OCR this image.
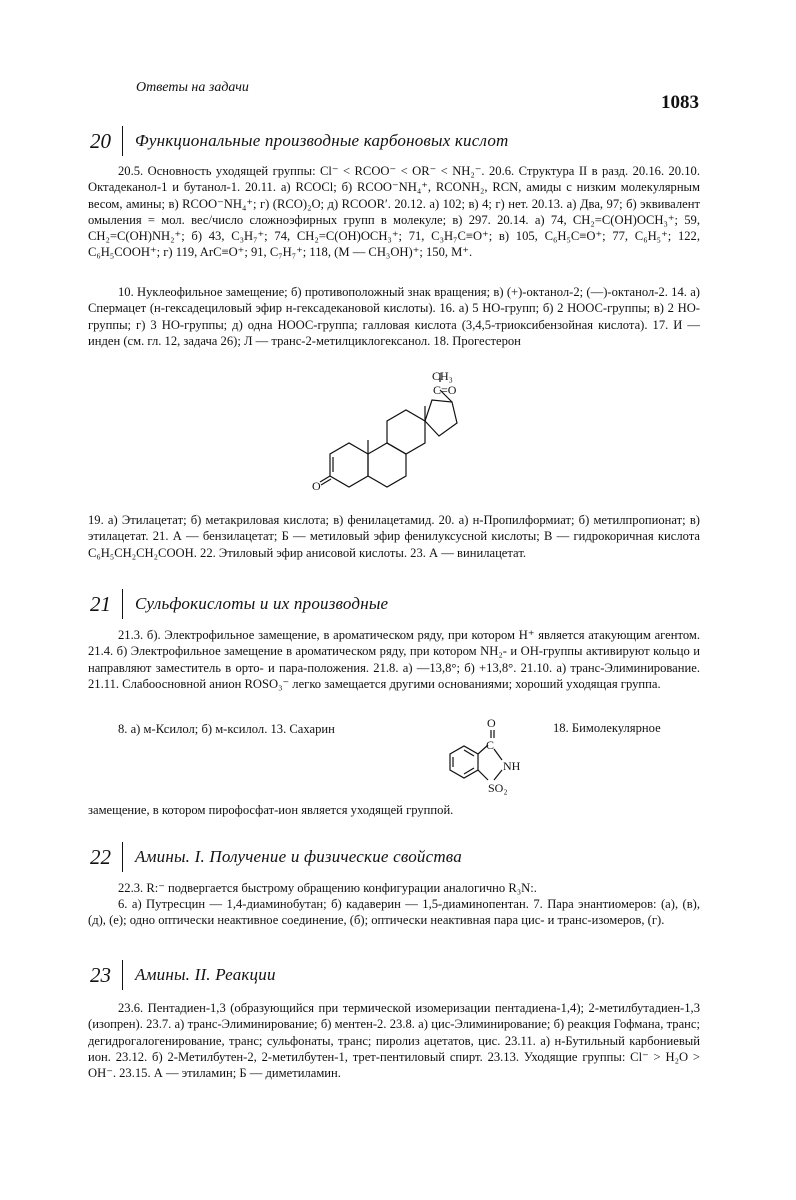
Ответы на задачи
1083
20	Функциональные производные карбоновых кислот
20.5. Основность уходящей группы: Cl⁻ < RCOO⁻ < OR⁻ < NH₂⁻. 20.6. Структура II в разд. 20.16. 20.10. Октадеканол-1 и бутанол-1. 20.11. а) RCOCl; б) RCOO⁻NH₄⁺, RCONH₂, RCN, амиды с низким молекулярным весом, амины; в) RCOO⁻NH₄⁺; г) (RCO)₂O; д) RCOOR′. 20.12. а) 102; в) 4; г) нет. 20.13. а) Два, 97; б) эквивалент омыления = мол. вес/число сложноэфирных групп в молекуле; в) 297. 20.14. а) 74, CH₂=C(OH)OCH₃⁺; 59, CH₂=C(OH)NH₂⁺; б) 43, C₃H₇⁺; 74, CH₂=C(OH)OCH₃⁺; 71, C₃H₇C≡O⁺; в) 105, C₆H₅C≡O⁺; 77, C₆H₅⁺; 122, C₆H₅COOH⁺; г) 119, ArC≡O⁺; 91, C₇H₇⁺; 118, (M — CH₃OH)⁺; 150, M⁺.
10. Нуклеофильное замещение; б) противоположный знак вращения; в) (+)-октанол-2; (—)-октанол-2. 14. а) Спермацет (н-гексадециловый эфир н-гексадекановой кислоты). 16. а) 5 НО-групп; б) 2 НООС-группы; в) 2 НО-группы; г) 3 НО-группы; д) одна НООС-группа; галловая кислота (3,4,5-триоксибензойная кислота). 17. И — инден (см. гл. 12, задача 26); Л — транс-2-метилциклогексанол. 18. Прогестерон
O
CH₃
C=O
19. а) Этилацетат; б) метакриловая кислота; в) фенилацетамид. 20. а) н-Пропилформиат; б) метилпропионат; в) этилацетат. 21. А — бензилацетат; Б — метиловый эфир фенилуксусной кислоты; В — гидрокоричная кислота C₆H₅CH₂CH₂COOH. 22. Этиловый эфир анисовой кислоты. 23. А — винилацетат.
21	Сульфокислоты и их производные
21.3. б). Электрофильное замещение, в ароматическом ряду, при котором H⁺ является атакующим агентом. 21.4. б) Электрофильное замещение в ароматическом ряду, при котором NH₂- и OH-группы активируют кольцо и направляют заместитель в орто- и пара-положения. 21.8. а) —13,8°; б) +13,8°. 21.10. а) транс-Элиминирование. 21.11. Слабоосновной анион ROSO₃⁻ легко замещается другими основаниями; хороший уходящая группа.
8. а) м-Ксилол; б) м-ксилол. 13. Сахарин	18. Бимолекулярное
O
C
NH
SO₂
замещение, в котором пирофосфат-ион является уходящей группой.
22	Амины. I. Получение и физические свойства
22.3. R:⁻ подвергается быстрому обращению конфигурации аналогично R₃N:.
6. а) Путресцин — 1,4-диаминобутан; б) кадаверин — 1,5-диаминопентан. 7. Пара энантиомеров: (а), (в), (д), (е); одно оптически неактивное соединение, (б); оптически неактивная пара цис- и транс-изомеров, (г).
23	Амины. II. Реакции
23.6. Пентадиен-1,3 (образующийся при термической изомеризации пентадиена-1,4); 2-метилбутадиен-1,3 (изопрен). 23.7. а) транс-Элиминирование; б) ментен-2. 23.8. а) цис-Элиминирование; б) реакция Гофмана, транс; дегидрогалогенирование, транс; сульфонаты, транс; пиролиз ацетатов, цис. 23.11. а) н-Бутильный карбониевый ион. 23.12. б) 2-Метилбутен-2, 2-метилбутен-1, трет-пентиловый спирт. 23.13. Уходящие группы: Cl⁻ > H₂O > OH⁻. 23.15. А — этиламин; Б — диметиламин.
